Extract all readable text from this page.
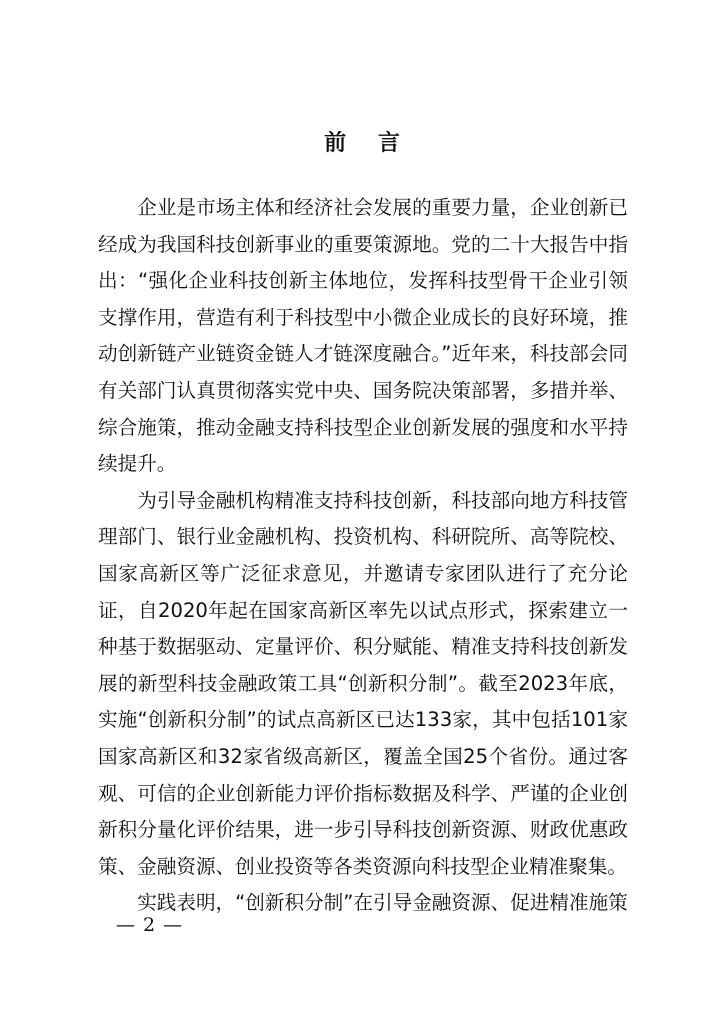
前 言

企业是市场主体和经济社会发展的重要力量，企业创新已经成为我国科技创新事业的重要策源地。党的二十大报告中指出：“强化企业科技创新主体地位，发挥科技型骨干企业引领支撑作用，营造有利于科技型中小微企业成长的良好环境，推动创新链产业链资金链人才链深度融合。”近年来，科技部会同有关部门认真贯彻落实党中央、国务院决策部署，多措并举、综合施策，推动金融支持科技型企业创新发展的强度和水平持续提升。

为引导金融机构精准支持科技创新，科技部向地方科技管理部门、银行业金融机构、投资机构、科研院所、高等院校、国家高新区等广泛征求意见，并邀请专家团队进行了充分论证，自2020年起在国家高新区率先以试点形式，探索建立一种基于数据驱动、定量评价、积分赋能、精准支持科技创新发展的新型科技金融政策工具“创新积分制”。截至2023年底，实施“创新积分制”的试点高新区已达133家，其中包括101家国家高新区和32家省级高新区，覆盖全国25个省份。通过客观、可信的企业创新能力评价指标数据及科学、严谨的企业创新积分量化评价结果，进一步引导科技创新资源、财政优惠政策、金融资源、创业投资等各类资源向科技型企业精准聚集。

实践表明，“创新积分制”在引导金融资源、促进精准施策

— 2 —
